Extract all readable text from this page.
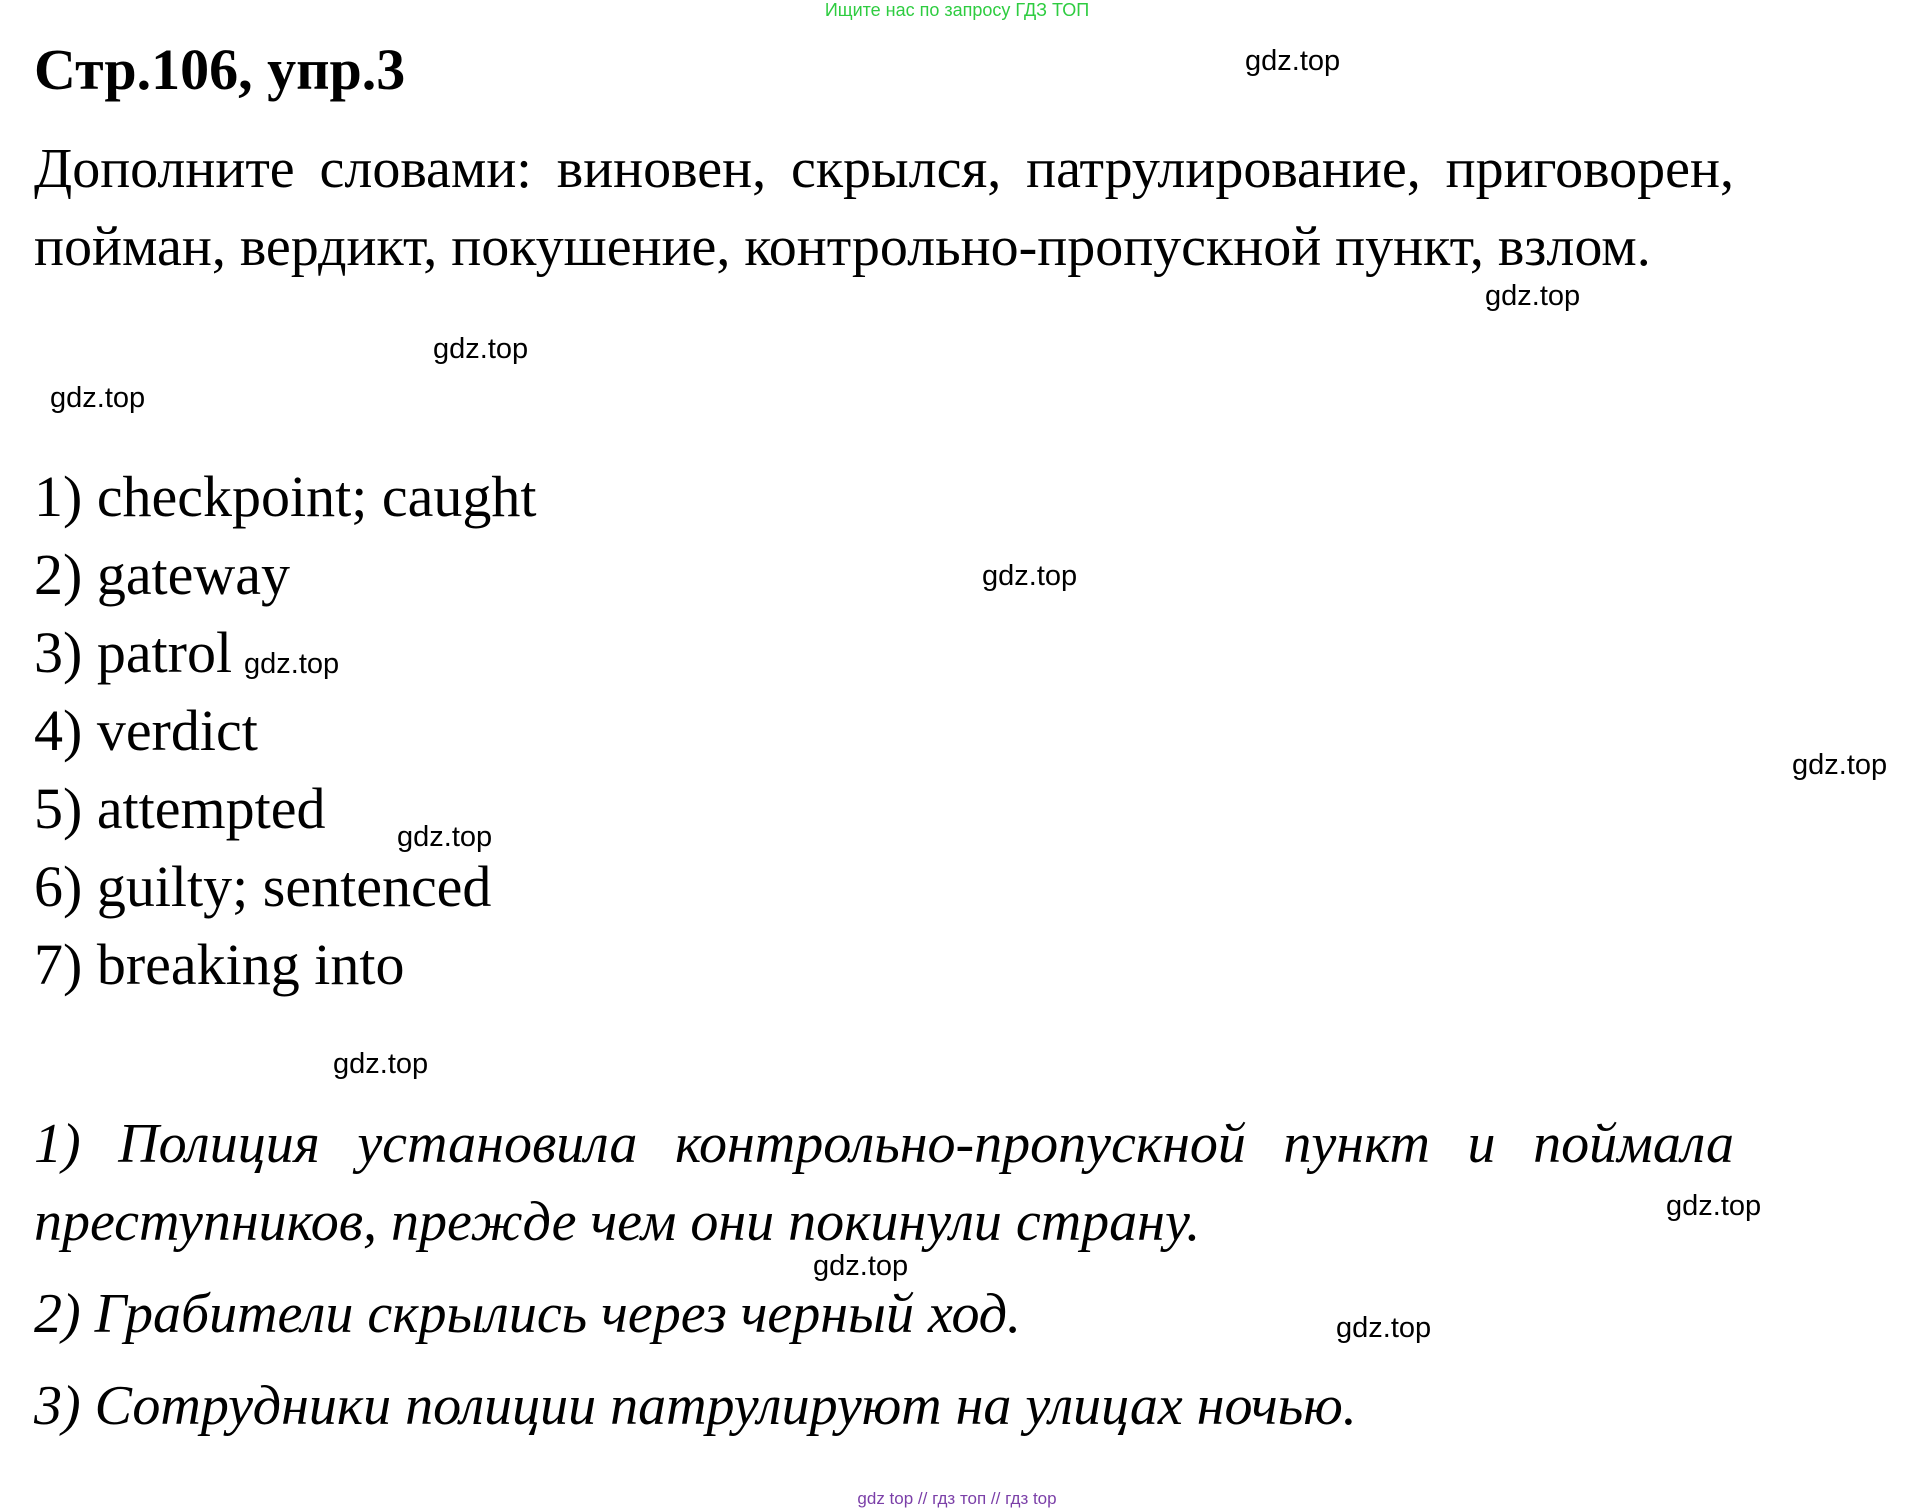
Ищите нас по запросу ГДЗ ТОП
Стр.106, упр.3
Дополните словами: виновен, скрылся, патрулирование, приговорен, пойман, вердикт, покушение, контрольно-пропускной пункт, взлом.
1) checkpoint; caught
2) gateway
3) patrol
4) verdict
5) attempted
6) guilty; sentenced
7) breaking into

1) Полиция установила контрольно-пропускной пункт и поймала преступников, прежде чем они покинули страну.

2) Грабители скрылись через черный ход.

3) Сотрудники полиции патрулируют на улицах ночью.

gdz.top
gdz.top
gdz.top
gdz.top
gdz.top
gdz.top
gdz.top
gdz.top
gdz.top
gdz.top
gdz.top
gdz.top
gdz top // гдз топ // гдз top
